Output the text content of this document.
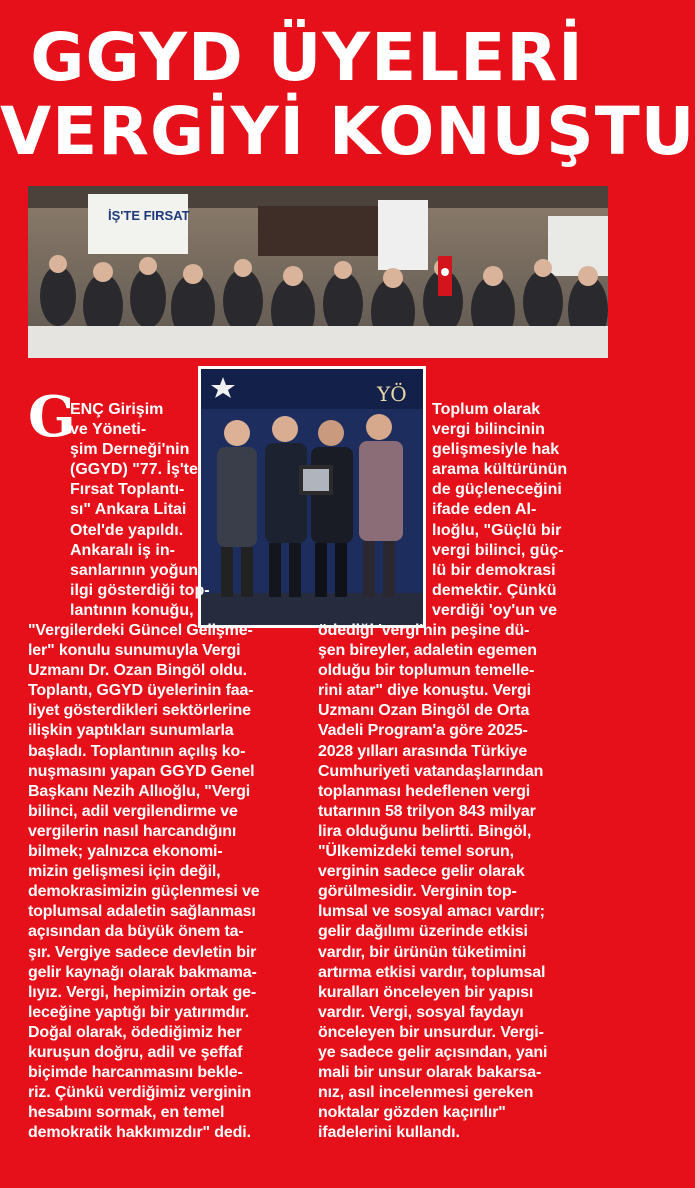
GGYD ÜYELERİ
VERGİYİ KONUŞTU
İŞ'TE FIRSAT
YÖ
G
ENÇ Girişim
ve Yöneti-
şim Derneği'nin
(GGYD) "77. İş'te
Fırsat Toplantı-
sı" Ankara Litai
Otel'de yapıldı.
Ankaralı iş in-
sanlarının yoğun
ilgi gösterdiği top-
lantının konuğu,
"Vergilerdeki Güncel Gelişme-
ler" konulu sunumuyla Vergi
Uzmanı Dr. Ozan Bingöl oldu.
Toplantı, GGYD üyelerinin faa-
liyet gösterdikleri sektörlerine
ilişkin yaptıkları sunumlarla
başladı. Toplantının açılış ko-
nuşmasını yapan GGYD Genel
Başkanı Nezih Allıoğlu, "Vergi
bilinci, adil vergilendirme ve
vergilerin nasıl harcandığını
bilmek; yalnızca ekonomi-
mizin gelişmesi için değil,
demokrasimizin güçlenmesi ve
toplumsal adaletin sağlanması
açısından da büyük önem ta-
şır. Vergiye sadece devletin bir
gelir kaynağı olarak bakmama-
lıyız. Vergi, hepimizin ortak ge-
leceğine yaptığı bir yatırımdır.
Doğal olarak, ödediğimiz her
kuruşun doğru, adil ve şeffaf
biçimde harcanmasını bekle-
riz. Çünkü verdiğimiz verginin
hesabını sormak, en temel
demokratik hakkımızdır" dedi.
Toplum olarak
vergi bilincinin
gelişmesiyle hak
arama kültürünün
de güçleneceğini
ifade eden Al-
lıoğlu, "Güçlü bir
vergi bilinci, güç-
lü bir demokrasi
demektir. Çünkü
verdiği 'oy'un ve
ödediği 'vergi'nin peşine dü-
şen bireyler, adaletin egemen
olduğu bir toplumun temelle-
rini atar" diye konuştu. Vergi
Uzmanı Ozan Bingöl de Orta
Vadeli Program'a göre 2025-
2028 yılları arasında Türkiye
Cumhuriyeti vatandaşlarından
toplanması hedeflenen vergi
tutarının 58 trilyon 843 milyar
lira olduğunu belirtti. Bingöl,
"Ülkemizdeki temel sorun,
verginin sadece gelir olarak
görülmesidir. Verginin top-
lumsal ve sosyal amacı vardır;
gelir dağılımı üzerinde etkisi
vardır, bir ürünün tüketimini
artırma etkisi vardır, toplumsal
kuralları önceleyen bir yapısı
vardır. Vergi, sosyal faydayı
önceleyen bir unsurdur. Vergi-
ye sadece gelir açısından, yani
mali bir unsur olarak bakarsa-
nız, asıl incelenmesi gereken
noktalar gözden kaçırılır"
ifadelerini kullandı.
